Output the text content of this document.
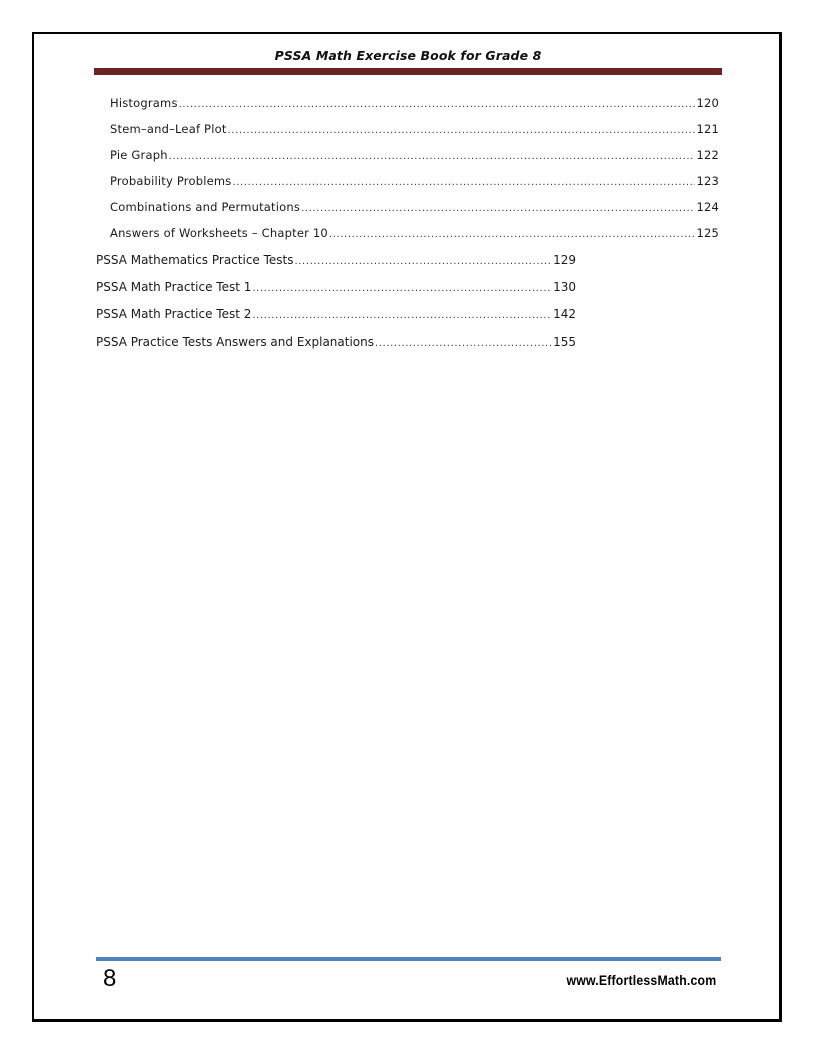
PSSA Math Exercise Book for Grade 8
Histograms .....	120
Stem–and–Leaf Plot .....	121
Pie Graph .....	122
Probability Problems .....	123
Combinations and Permutations .....	124
Answers of Worksheets – Chapter 10 .....	125
PSSA Mathematics Practice Tests .....	129
PSSA Math Practice Test 1 .....	130
PSSA Math Practice Test 2 .....	142
PSSA Practice Tests Answers and Explanations .....	155
8	www.EffortlessMath.com
